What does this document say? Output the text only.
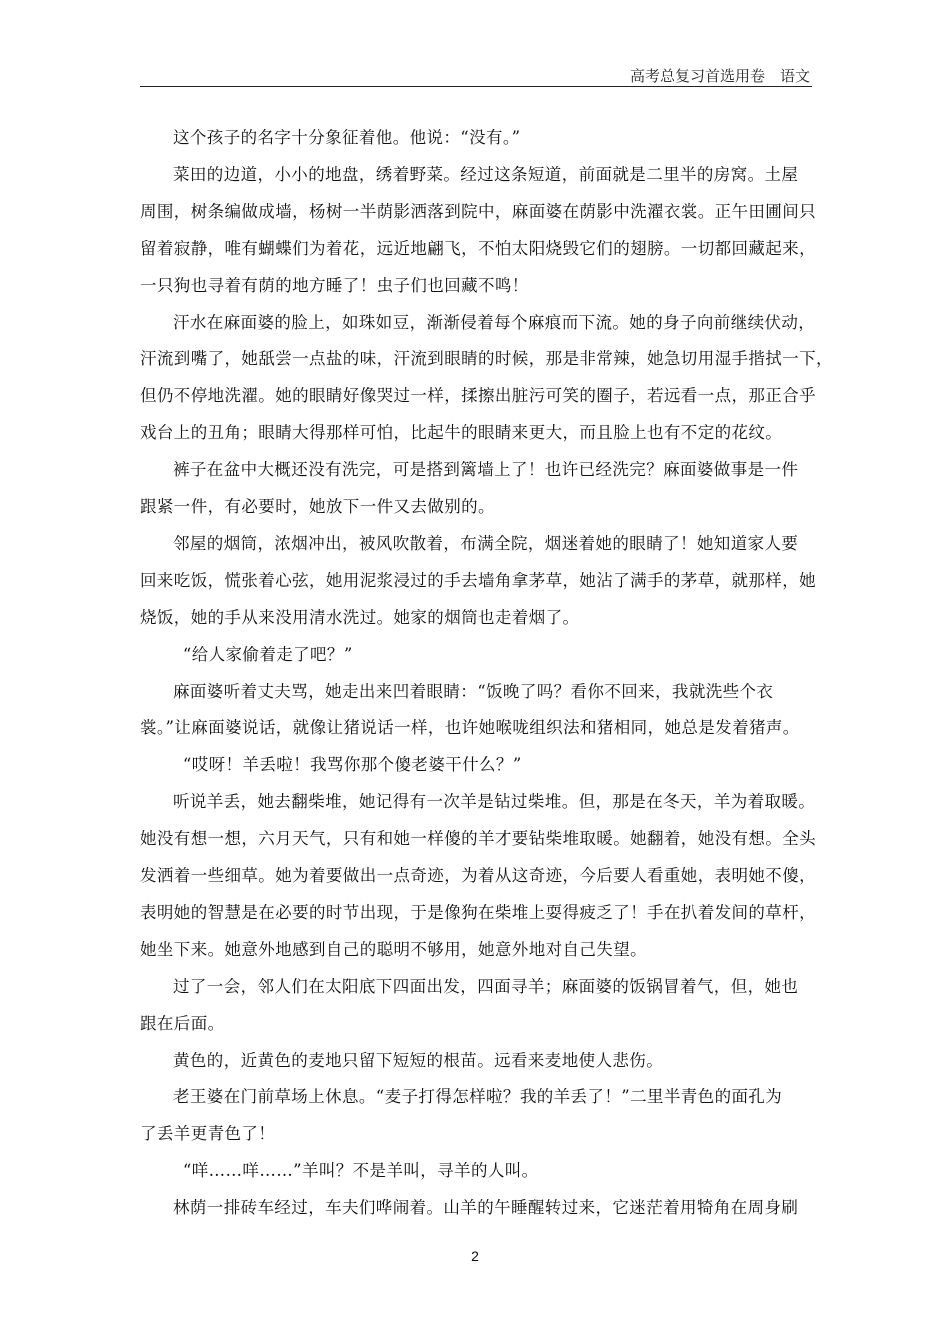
高考总复习首选用卷  语文
这个孩子的名字十分象征着他。他说：“没有。”
菜田的边道，小小的地盘，绣着野菜。经过这条短道，前面就是二里半的房窝。土屋
周围，树条编做成墙，杨树一半荫影洒落到院中，麻面婆在荫影中洗濯衣裳。正午田圃间只
留着寂静，唯有蝴蝶们为着花，远近地翩飞，不怕太阳烧毁它们的翅膀。一切都回藏起来，
一只狗也寻着有荫的地方睡了！虫子们也回藏不鸣！
汗水在麻面婆的脸上，如珠如豆，渐渐侵着每个麻痕而下流。她的身子向前继续伏动，
汗流到嘴了，她舐尝一点盐的味，汗流到眼睛的时候，那是非常辣，她急切用湿手揩拭一下，
但仍不停地洗濯。她的眼睛好像哭过一样，揉擦出脏污可笑的圈子，若远看一点，那正合乎
戏台上的丑角；眼睛大得那样可怕，比起牛的眼睛来更大，而且脸上也有不定的花纹。
裤子在盆中大概还没有洗完，可是搭到篱墙上了！也许已经洗完？麻面婆做事是一件
跟紧一件，有必要时，她放下一件又去做别的。
邻屋的烟筒，浓烟冲出，被风吹散着，布满全院，烟迷着她的眼睛了！她知道家人要
回来吃饭，慌张着心弦，她用泥浆浸过的手去墙角拿茅草，她沾了满手的茅草，就那样，她
烧饭，她的手从来没用清水洗过。她家的烟筒也走着烟了。
“给人家偷着走了吧？”
麻面婆听着丈夫骂，她走出来凹着眼睛：“饭晚了吗？看你不回来，我就洗些个衣
裳。”让麻面婆说话，就像让猪说话一样，也许她喉咙组织法和猪相同，她总是发着猪声。
“哎呀！羊丢啦！我骂你那个傻老婆干什么？”
听说羊丢，她去翻柴堆，她记得有一次羊是钻过柴堆。但，那是在冬天，羊为着取暖。
她没有想一想，六月天气，只有和她一样傻的羊才要钻柴堆取暖。她翻着，她没有想。全头
发洒着一些细草。她为着要做出一点奇迹，为着从这奇迹，今后要人看重她，表明她不傻，
表明她的智慧是在必要的时节出现，于是像狗在柴堆上耍得疲乏了！手在扒着发间的草杆，
她坐下来。她意外地感到自己的聪明不够用，她意外地对自己失望。
过了一会，邻人们在太阳底下四面出发，四面寻羊；麻面婆的饭锅冒着气，但，她也
跟在后面。
黄色的，近黄色的麦地只留下短短的根苗。远看来麦地使人悲伤。
老王婆在门前草场上休息。“麦子打得怎样啦？我的羊丢了！”二里半青色的面孔为
了丢羊更青色了！
“咩……咩……”羊叫？不是羊叫，寻羊的人叫。
林荫一排砖车经过，车夫们哗闹着。山羊的午睡醒转过来，它迷茫着用犄角在周身刷
2
